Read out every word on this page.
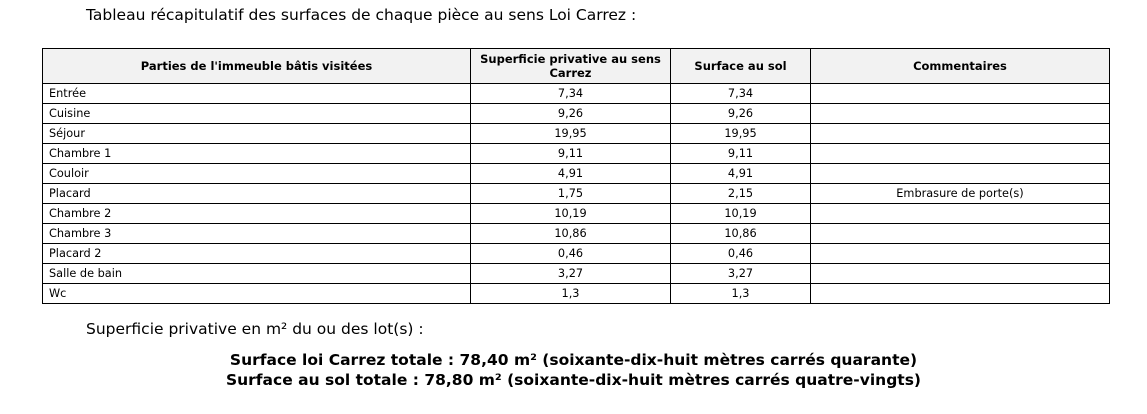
Tableau récapitulatif des surfaces de chaque pièce au sens Loi Carrez :
Parties de l'immeuble bâtis visitées	Superficie privative au sens Carrez	Surface au sol	Commentaires
Entrée	7,34	7,34	
Cuisine	9,26	9,26	
Séjour	19,95	19,95	
Chambre 1	9,11	9,11	
Couloir	4,91	4,91	
Placard	1,75	2,15	Embrasure de porte(s)
Chambre 2	10,19	10,19	
Chambre 3	10,86	10,86	
Placard 2	0,46	0,46	
Salle de bain	3,27	3,27	
Wc	1,3	1,3	
Superficie privative en m² du ou des lot(s) :
Surface loi Carrez totale : 78,40 m² (soixante-dix-huit mètres carrés quarante)
Surface au sol totale : 78,80 m² (soixante-dix-huit mètres carrés quatre-vingts)
